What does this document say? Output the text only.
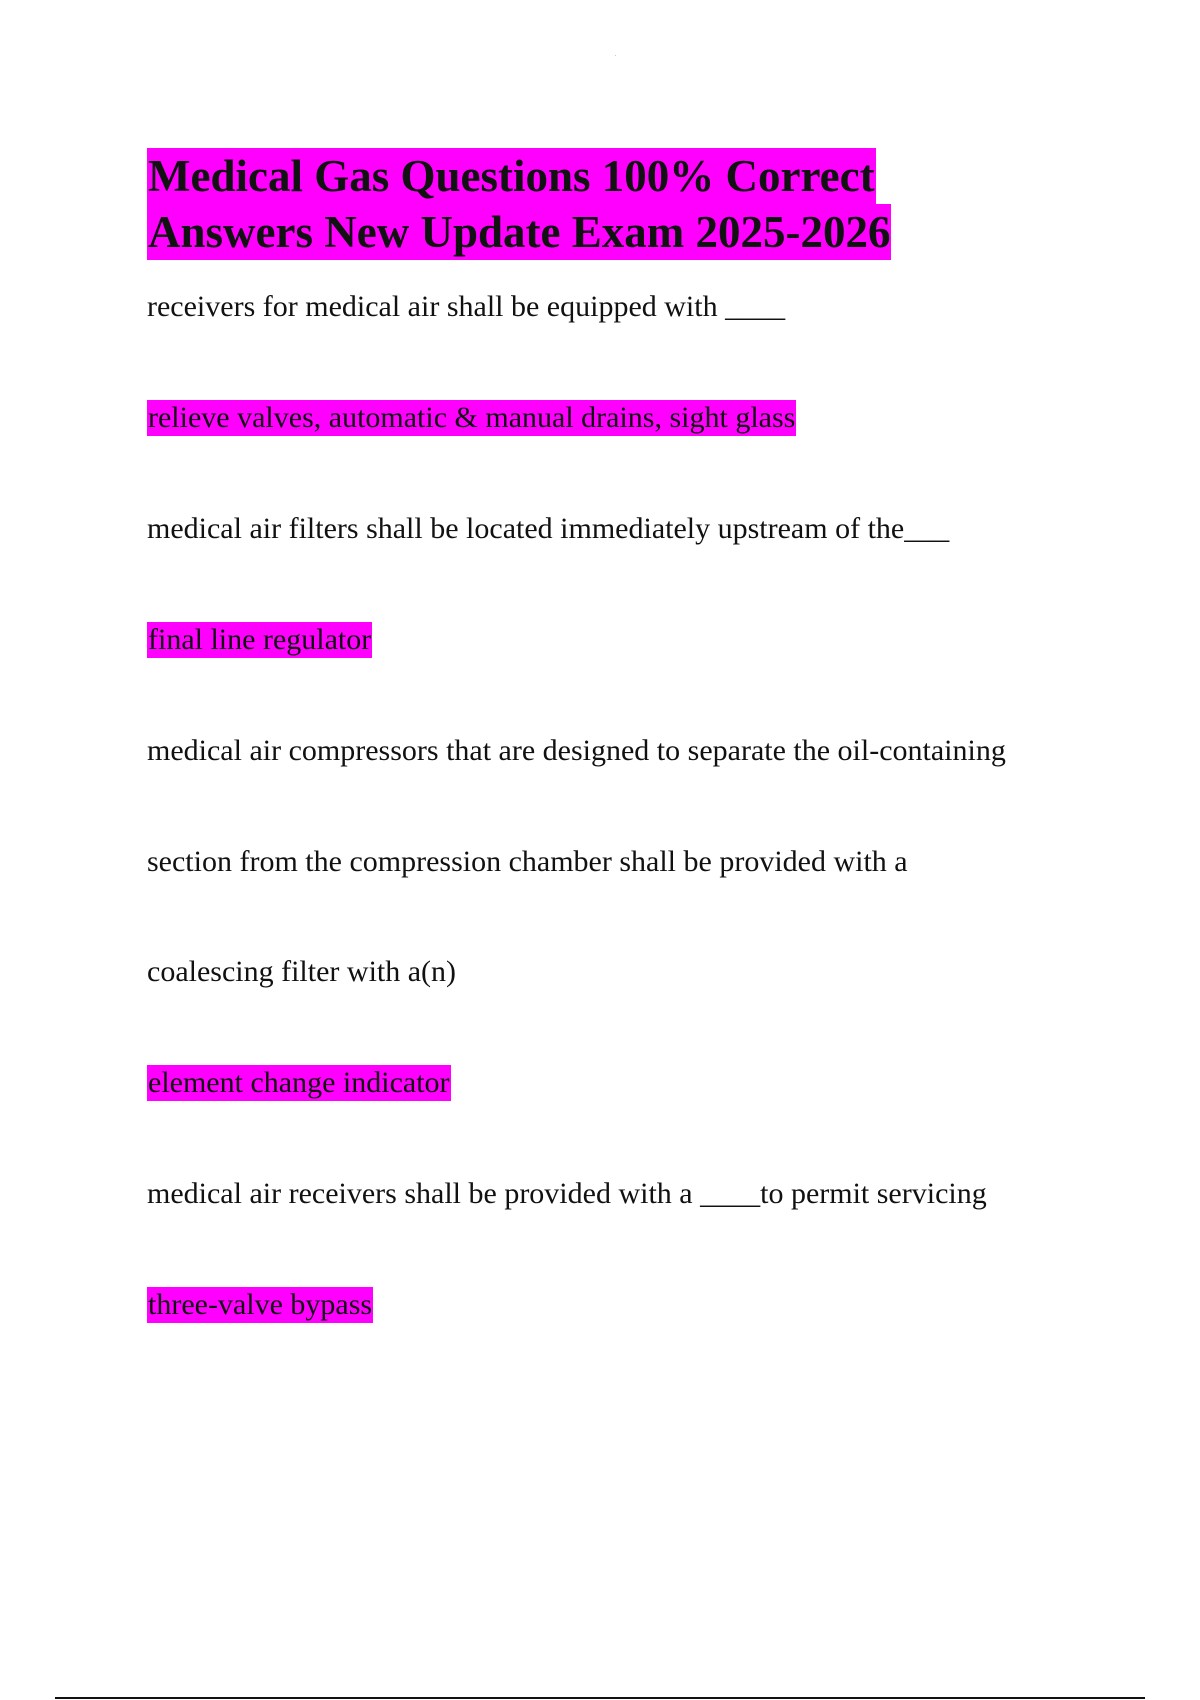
Medical Gas Questions 100% Correct
Answers New Update Exam 2025-2026
receivers for medical air shall be equipped with ____
relieve valves, automatic & manual drains, sight glass
medical air filters shall be located immediately upstream of the___
final line regulator
medical air compressors that are designed to separate the oil-containing
section from the compression chamber shall be provided with a
coalescing filter with a(n)
element change indicator
medical air receivers shall be provided with a ____to permit servicing
three-valve bypass
